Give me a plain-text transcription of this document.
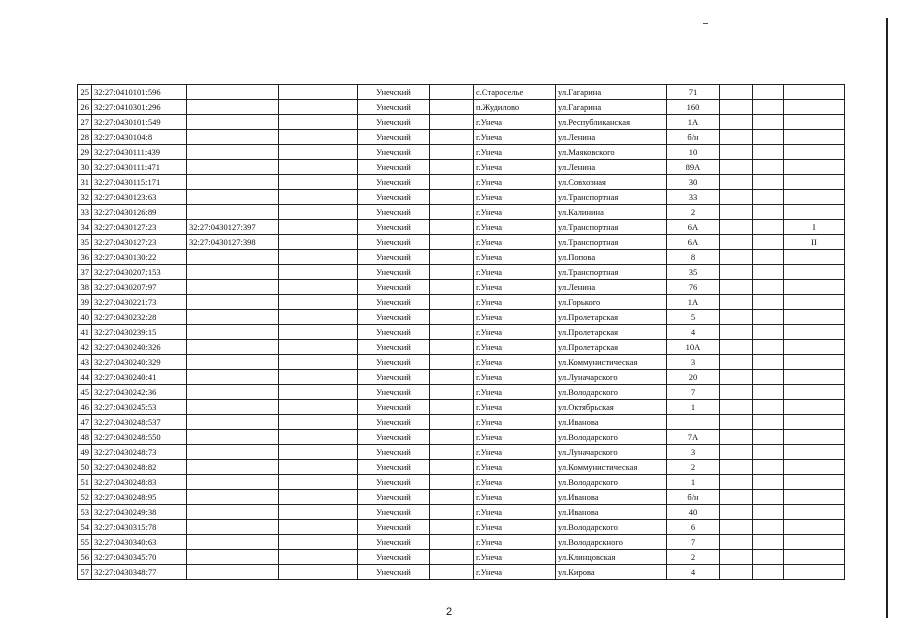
25	32:27:0410101:596			Унечский		с.Староселье	ул.Гагарина	71			
26	32:27:0410301:296			Унечский		п.Жудилово	ул.Гагарина	160			
27	32:27:0430101:549			Унечский		г.Унеча	ул.Республиканская	1А			
28	32:27:0430104:8			Унечский		г.Унеча	ул.Ленина	б/н			
29	32:27:0430111:439			Унечский		г.Унеча	ул.Маяковского	10			
30	32:27:0430111:471			Унечский		г.Унеча	ул.Ленина	89А			
31	32:27:0430115:171			Унечский		г.Унеча	ул.Совхозная	30			
32	32:27:0430123:63			Унечский		г.Унеча	ул.Транспортная	33			
33	32:27:0430126:89			Унечский		г.Унеча	ул.Калинина	2			
34	32:27:0430127:23	32:27:0430127:397		Унечский		г.Унеча	ул.Транспортная	6А			I
35	32:27:0430127:23	32:27:0430127:398		Унечский		г.Унеча	ул.Транспортная	6А			II
36	32:27:0430130:22			Унечский		г.Унеча	ул.Попова	8			
37	32:27:0430207:153			Унечский		г.Унеча	ул.Транспортная	35			
38	32:27:0430207:97			Унечский		г.Унеча	ул.Ленина	76			
39	32:27:0430221:73			Унечский		г.Унеча	ул.Горького	1А			
40	32:27:0430232:28			Унечский		г.Унеча	ул.Пролетарская	5			
41	32:27:0430239:15			Унечский		г.Унеча	ул.Пролетарская	4			
42	32:27:0430240:326			Унечский		г.Унеча	ул.Пролетарская	10А			
43	32:27:0430240:329			Унечский		г.Унеча	ул.Коммунистическая	3			
44	32:27:0430240:41			Унечский		г.Унеча	ул.Луначарского	20			
45	32:27:0430242:36			Унечский		г.Унеча	ул.Володарского	7			
46	32:27:0430245:53			Унечский		г.Унеча	ул.Октябрьская	1			
47	32:27:0430248:537			Унечский		г.Унеча	ул.Иванова				
48	32:27:0430248:550			Унечский		г.Унеча	ул.Володарского	7А			
49	32:27:0430248:73			Унечский		г.Унеча	ул.Луначарского	3			
50	32:27:0430248:82			Унечский		г.Унеча	ул.Коммунистическая	2			
51	32:27:0430248:83			Унечский		г.Унеча	ул.Володарского	1			
52	32:27:0430248:95			Унечский		г.Унеча	ул.Иванова	б/н			
53	32:27:0430249:38			Унечский		г.Унеча	ул.Иванова	40			
54	32:27:0430315:78			Унечский		г.Унеча	ул.Володарского	6			
55	32:27:0430340:63			Унечский		г.Унеча	ул.Володарскного	7			
56	32:27:0430345:70			Унечский		г.Унеча	ул.Клинцовская	2			
57	32:27:0430348:77			Унечский		г.Унеча	ул.Кирова	4			
2
